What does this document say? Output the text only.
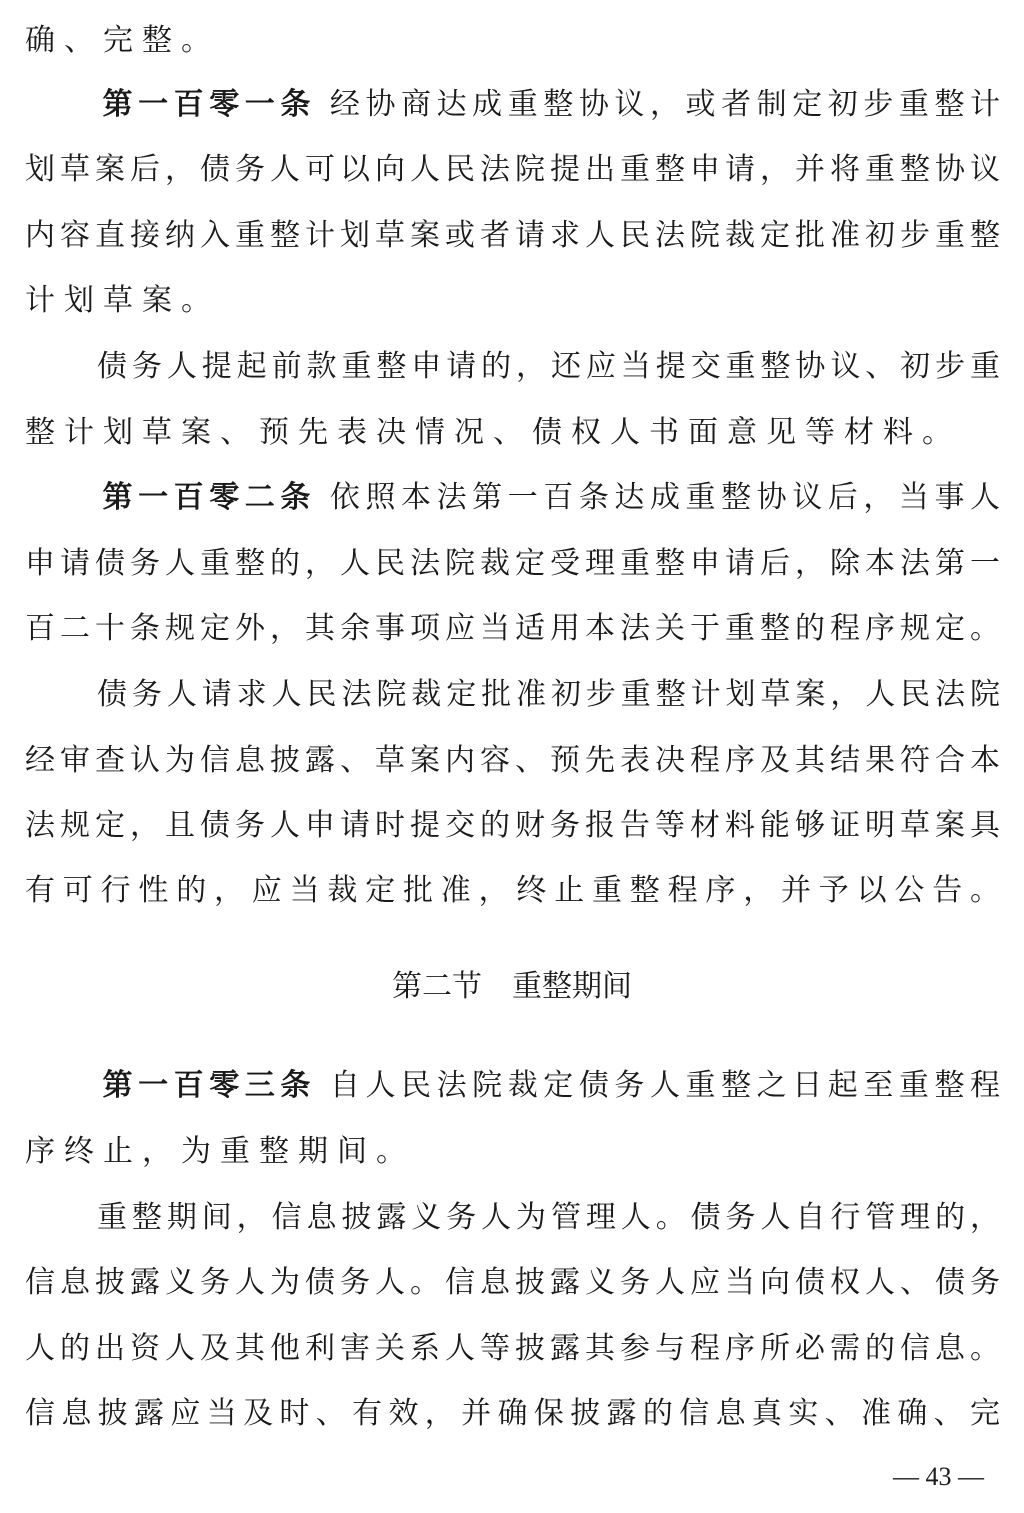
确、完整。
第一百零一条 经协商达成重整协议，或者制定初步重整计
划草案后，债务人可以向人民法院提出重整申请，并将重整协议
内容直接纳入重整计划草案或者请求人民法院裁定批准初步重整
计划草案。
债务人提起前款重整申请的，还应当提交重整协议、初步重
整计划草案、预先表决情况、债权人书面意见等材料。
第一百零二条 依照本法第一百条达成重整协议后，当事人
申请债务人重整的，人民法院裁定受理重整申请后，除本法第一
百二十条规定外，其余事项应当适用本法关于重整的程序规定。
债务人请求人民法院裁定批准初步重整计划草案，人民法院
经审查认为信息披露、草案内容、预先表决程序及其结果符合本
法规定，且债务人申请时提交的财务报告等材料能够证明草案具
有可行性的，应当裁定批准，终止重整程序，并予以公告。
第二节　重整期间
第一百零三条 自人民法院裁定债务人重整之日起至重整程
序终止，为重整期间。
重整期间，信息披露义务人为管理人。债务人自行管理的，
信息披露义务人为债务人。信息披露义务人应当向债权人、债务
人的出资人及其他利害关系人等披露其参与程序所必需的信息。
信息披露应当及时、有效，并确保披露的信息真实、准确、完
— 43 —
